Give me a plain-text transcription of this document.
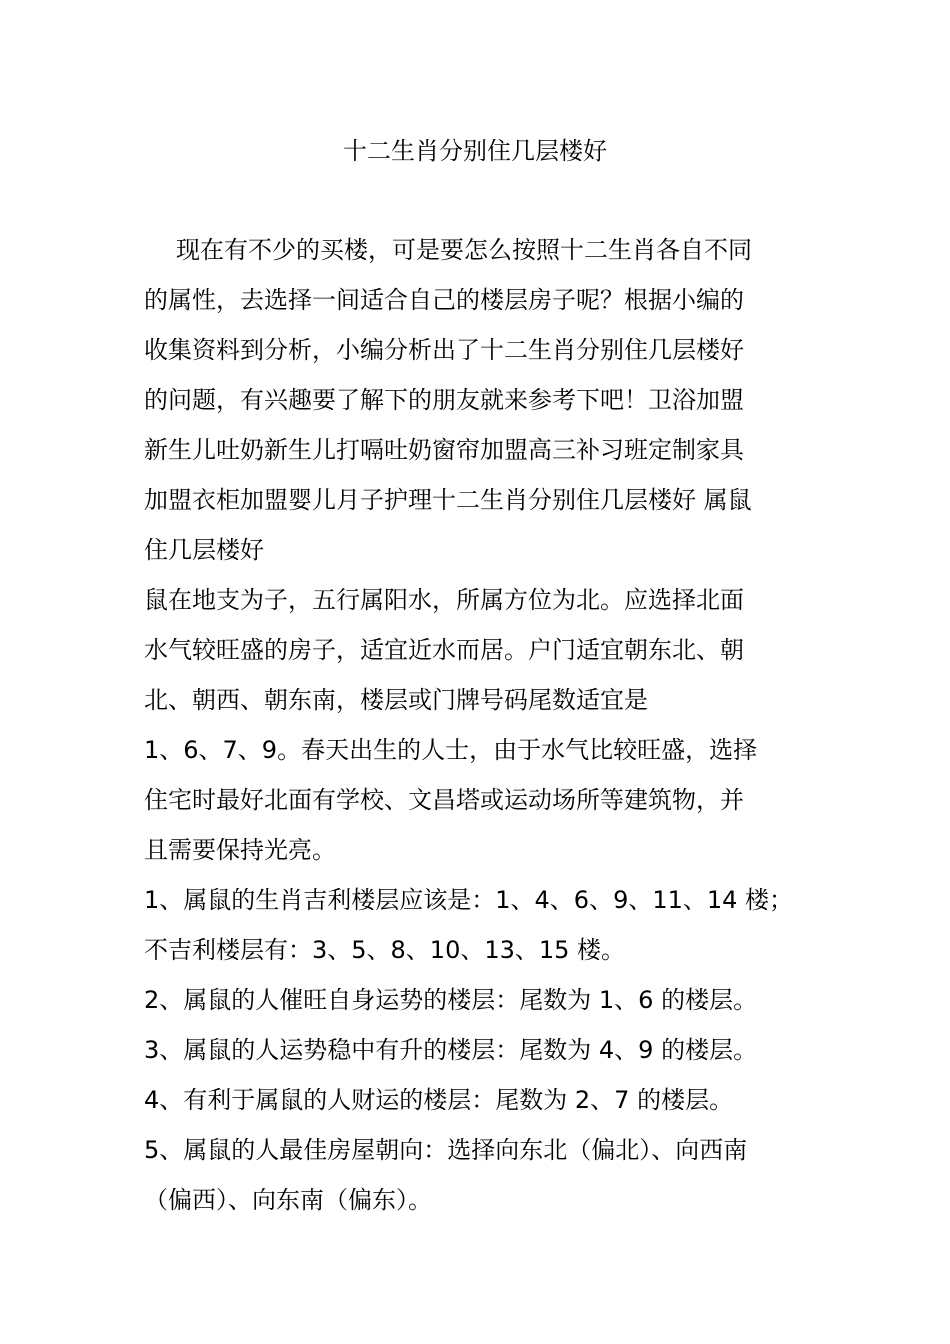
十二生肖分别住几层楼好
现在有不少的买楼，可是要怎么按照十二生肖各自不同
的属性，去选择一间适合自己的楼层房子呢？根据小编的
收集资料到分析，小编分析出了十二生肖分别住几层楼好
的问题，有兴趣要了解下的朋友就来参考下吧！卫浴加盟
新生儿吐奶新生儿打嗝吐奶窗帘加盟高三补习班定制家具
加盟衣柜加盟婴儿月子护理十二生肖分别住几层楼好 属鼠
住几层楼好
鼠在地支为子，五行属阳水，所属方位为北。应选择北面
水气较旺盛的房子，适宜近水而居。户门适宜朝东北、朝
北、朝西、朝东南，楼层或门牌号码尾数适宜是
1、6、7、9。春天出生的人士，由于水气比较旺盛，选择
住宅时最好北面有学校、文昌塔或运动场所等建筑物，并
且需要保持光亮。
1、属鼠的生肖吉利楼层应该是：1、4、6、9、11、14 楼；
不吉利楼层有：3、5、8、10、13、15 楼。
2、属鼠的人催旺自身运势的楼层：尾数为 1、6 的楼层。
3、属鼠的人运势稳中有升的楼层：尾数为 4、9 的楼层。
4、有利于属鼠的人财运的楼层：尾数为 2、7 的楼层。
5、属鼠的人最佳房屋朝向：选择向东北（偏北）、向西南
（偏西）、向东南（偏东）。
